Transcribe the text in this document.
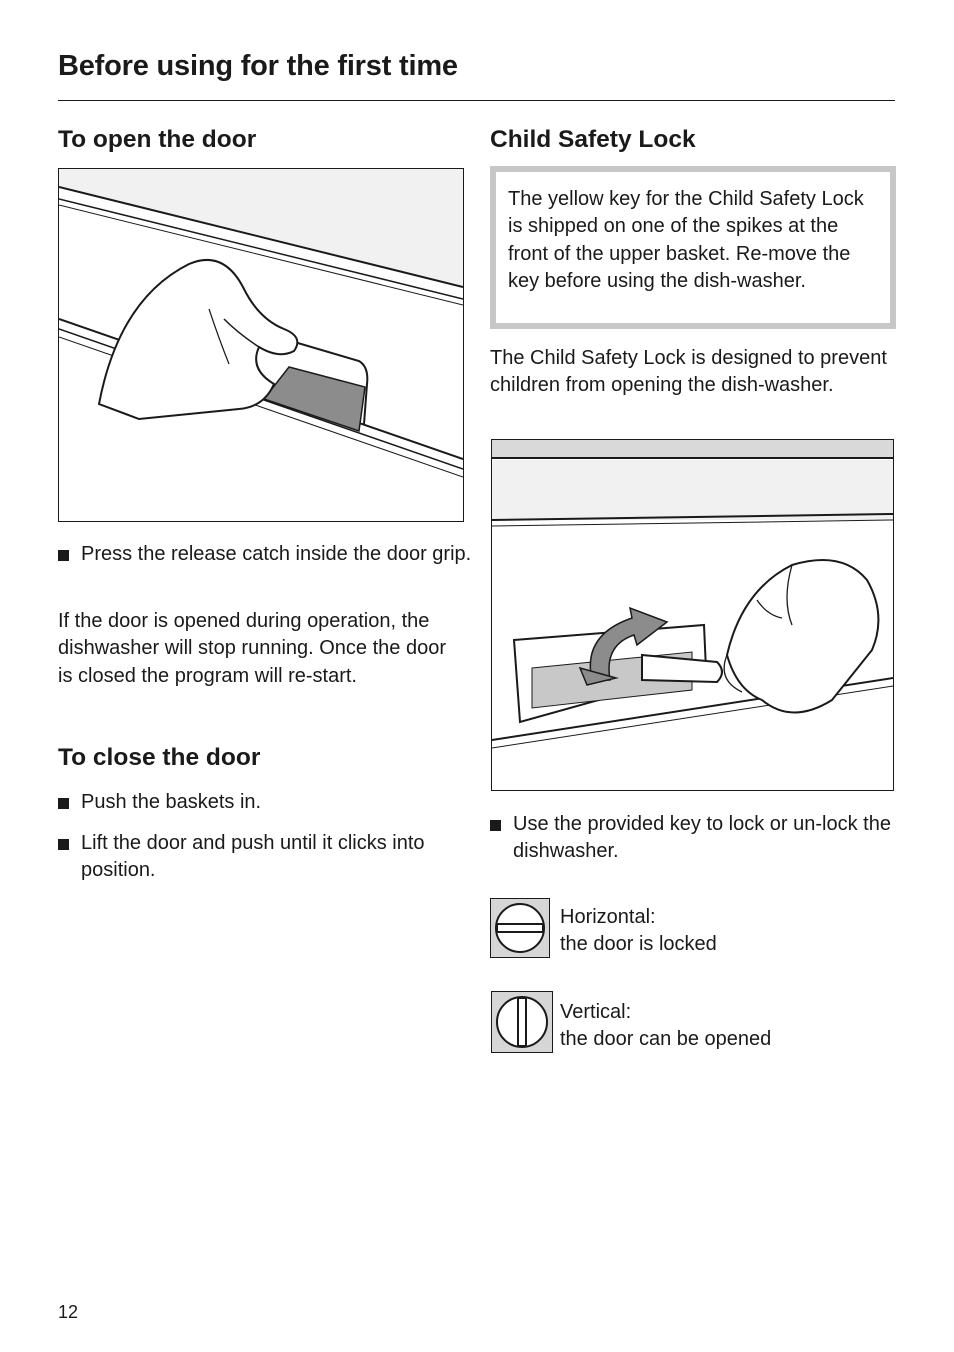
Before using for the first time
To open the door

Press the release catch inside the door grip.

If the door is opened during operation, the dishwasher will stop running. Once the door is closed the program will re-start.

To close the door

Push the baskets in.

Lift the door and push until it clicks into position.

Child Safety Lock
The yellow key for the Child Safety Lock is shipped on one of the spikes at the front of the upper basket. Re-move the key before using the dish-washer.

The Child Safety Lock is designed to prevent children from opening the dish-washer.

Use the provided key to lock or un-lock the dishwasher.

Horizontal:
the door is locked

Vertical:
the door can be opened

12
